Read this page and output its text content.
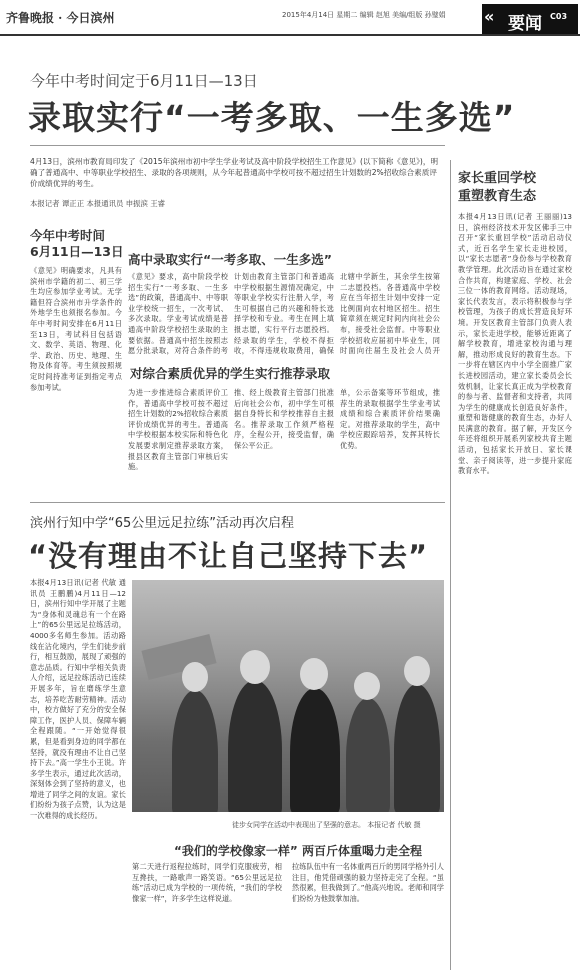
齐鲁晚报 · 今日滨州	2015年4月14日 星期二 编辑 赵旭 美编/组版 孙璧娟 « 要闻 C03
今年中考时间定于6月11日—13日
录取实行“一考多取、一生多选”
4月13日，滨州市教育局印发了《2015年滨州市初中学生学业考试及高中阶段学校招生工作意见》(以下简称《意见》)，明确了普通高中、中等职业学校招生、录取的各项规则，从今年起普通高中学校可按不超过招生计划数的2%招收综合素质评价成绩优异的考生。
本报记者 谭正正 本报通讯员 申振滨 王睿
今年中考时间
6月11日—13日
《意见》明确要求，凡具有滨州市学籍的初二、初三学生均应参加学业考试。无学籍但符合滨州市升学条件的外地学生也须报名参加。今年中考时间安排在6月11日至13日，考试科目包括语文、数学、英语、物理、化学、政治、历史、地理、生物及体育等。考生须按照规定时间持准考证到指定考点参加考试。
高中录取实行“一考多取、一生多选”
《意见》要求，高中阶段学校招生实行“一考多取、一生多选”的政策，普通高中、中等职业学校统一招生，一次考试、多次录取。学业考试成绩是普通高中阶段学校招生录取的主要依据。普通高中招生按照志愿分批录取，对符合条件的考
计划由教育主管部门和普通高中学校根据生源情况确定，中等职业学校实行注册入学，考生可根据自己的兴趣和特长选择学校和专业。考生在网上填报志愿，实行平行志愿投档。经录取的学生，学校不得拒收，不得违规收取费用，确保
北辖中学新生，其余学生按第二志愿投档。各普通高中学校应在当年招生计划中安排一定比例面向农村地区招生。招生简章须在规定时间内向社会公布，接受社会监督。中等职业学校招收应届初中毕业生，同时面向往届生及社会人员开
对综合素质优异的学生实行推荐录取
为进一步推进综合素质评价工作，普通高中学校可按不超过招生计划数的2%招收综合素质评价成绩优异的考生。普通高中学校根据本校实际和特色化发展要求制定推荐录取方案，报县区教育主管部门审核后实施。
推、经上级教育主管部门批准后向社会公布，初中学生可根据自身特长和学校推荐自主报名。推荐录取工作须严格程序，全程公开，接受监督，确保公平公正。
单，公示备案等环节组成，推荐生的录取根据学生学业考试成绩和综合素质评价结果确定。对推荐录取的学生，高中学校应跟踪培养，发挥其特长优势。
家长重回学校
重塑教育生态
本报4月13日讯(记者 王丽丽)13日，滨州经济技术开发区佛手三中召开“家长重回学校”活动启动仪式，近百名学生家长走进校园，以“家长志愿者”身份参与学校教育教学管理。此次活动旨在通过家校合作共育，构建家庭、学校、社会三位一体的教育网络。活动现场，家长代表发言，表示将积极参与学校管理，为孩子的成长营造良好环境。开发区教育主管部门负责人表示，家长走进学校，能够近距离了解学校教育，增进家校沟通与理解，推动形成良好的教育生态。下一步将在辖区内中小学全面推广家长进校园活动，建立家长委员会长效机制，让家长真正成为学校教育的参与者、监督者和支持者，共同为学生的健康成长创造良好条件，重塑和谐健康的教育生态，办好人民满意的教育。据了解，开发区今年还将组织开展系列家校共育主题活动，包括家长开放日、家长课堂、亲子阅读等，进一步提升家庭教育水平。
滨州行知中学“65公里远足拉练”活动再次启程
“没有理由不让自己坚持下去”
本报4月13日讯(记者 代敏 通讯员 王鹏鹏)4月11日—12日，滨州行知中学开展了主题为“身体和灵魂总有一个在路上”的65公里远足拉练活动，4000多名师生参加。活动路线在沾化境内，学生们徒步前行，相互鼓励，展现了顽强的意志品质。行知中学相关负责人介绍，远足拉练活动已连续开展多年，旨在磨练学生意志，培养吃苦耐劳精神。活动中，校方做好了充分的安全保障工作，医护人员、保障车辆全程跟随。“一开始觉得很累，但是看到身边的同学都在坚持，就没有理由不让自己坚持下去。”高一学生小王说。许多学生表示，通过此次活动，深刻体会到了坚持的意义，也增进了同学之间的友谊。家长们纷纷为孩子点赞，认为这是一次难得的成长经历。
徒步女同学在活动中表现出了坚强的意志。 本报记者 代敏 摄
“我们的学校像家一样”
第二天进行返程拉练时，同学们克服疲劳，相互搀扶，一路歌声一路笑语。“65公里远足拉练”活动已成为学校的一项传统，“我们的学校像家一样”，许多学生这样说道。
两百斤体重喝力走全程
拉练队伍中有一名体重两百斤的男同学格外引人注目，他凭借顽强的毅力坚持走完了全程。“虽然很累，但我做到了。”他高兴地说。老师和同学们纷纷为他鼓掌加油。
